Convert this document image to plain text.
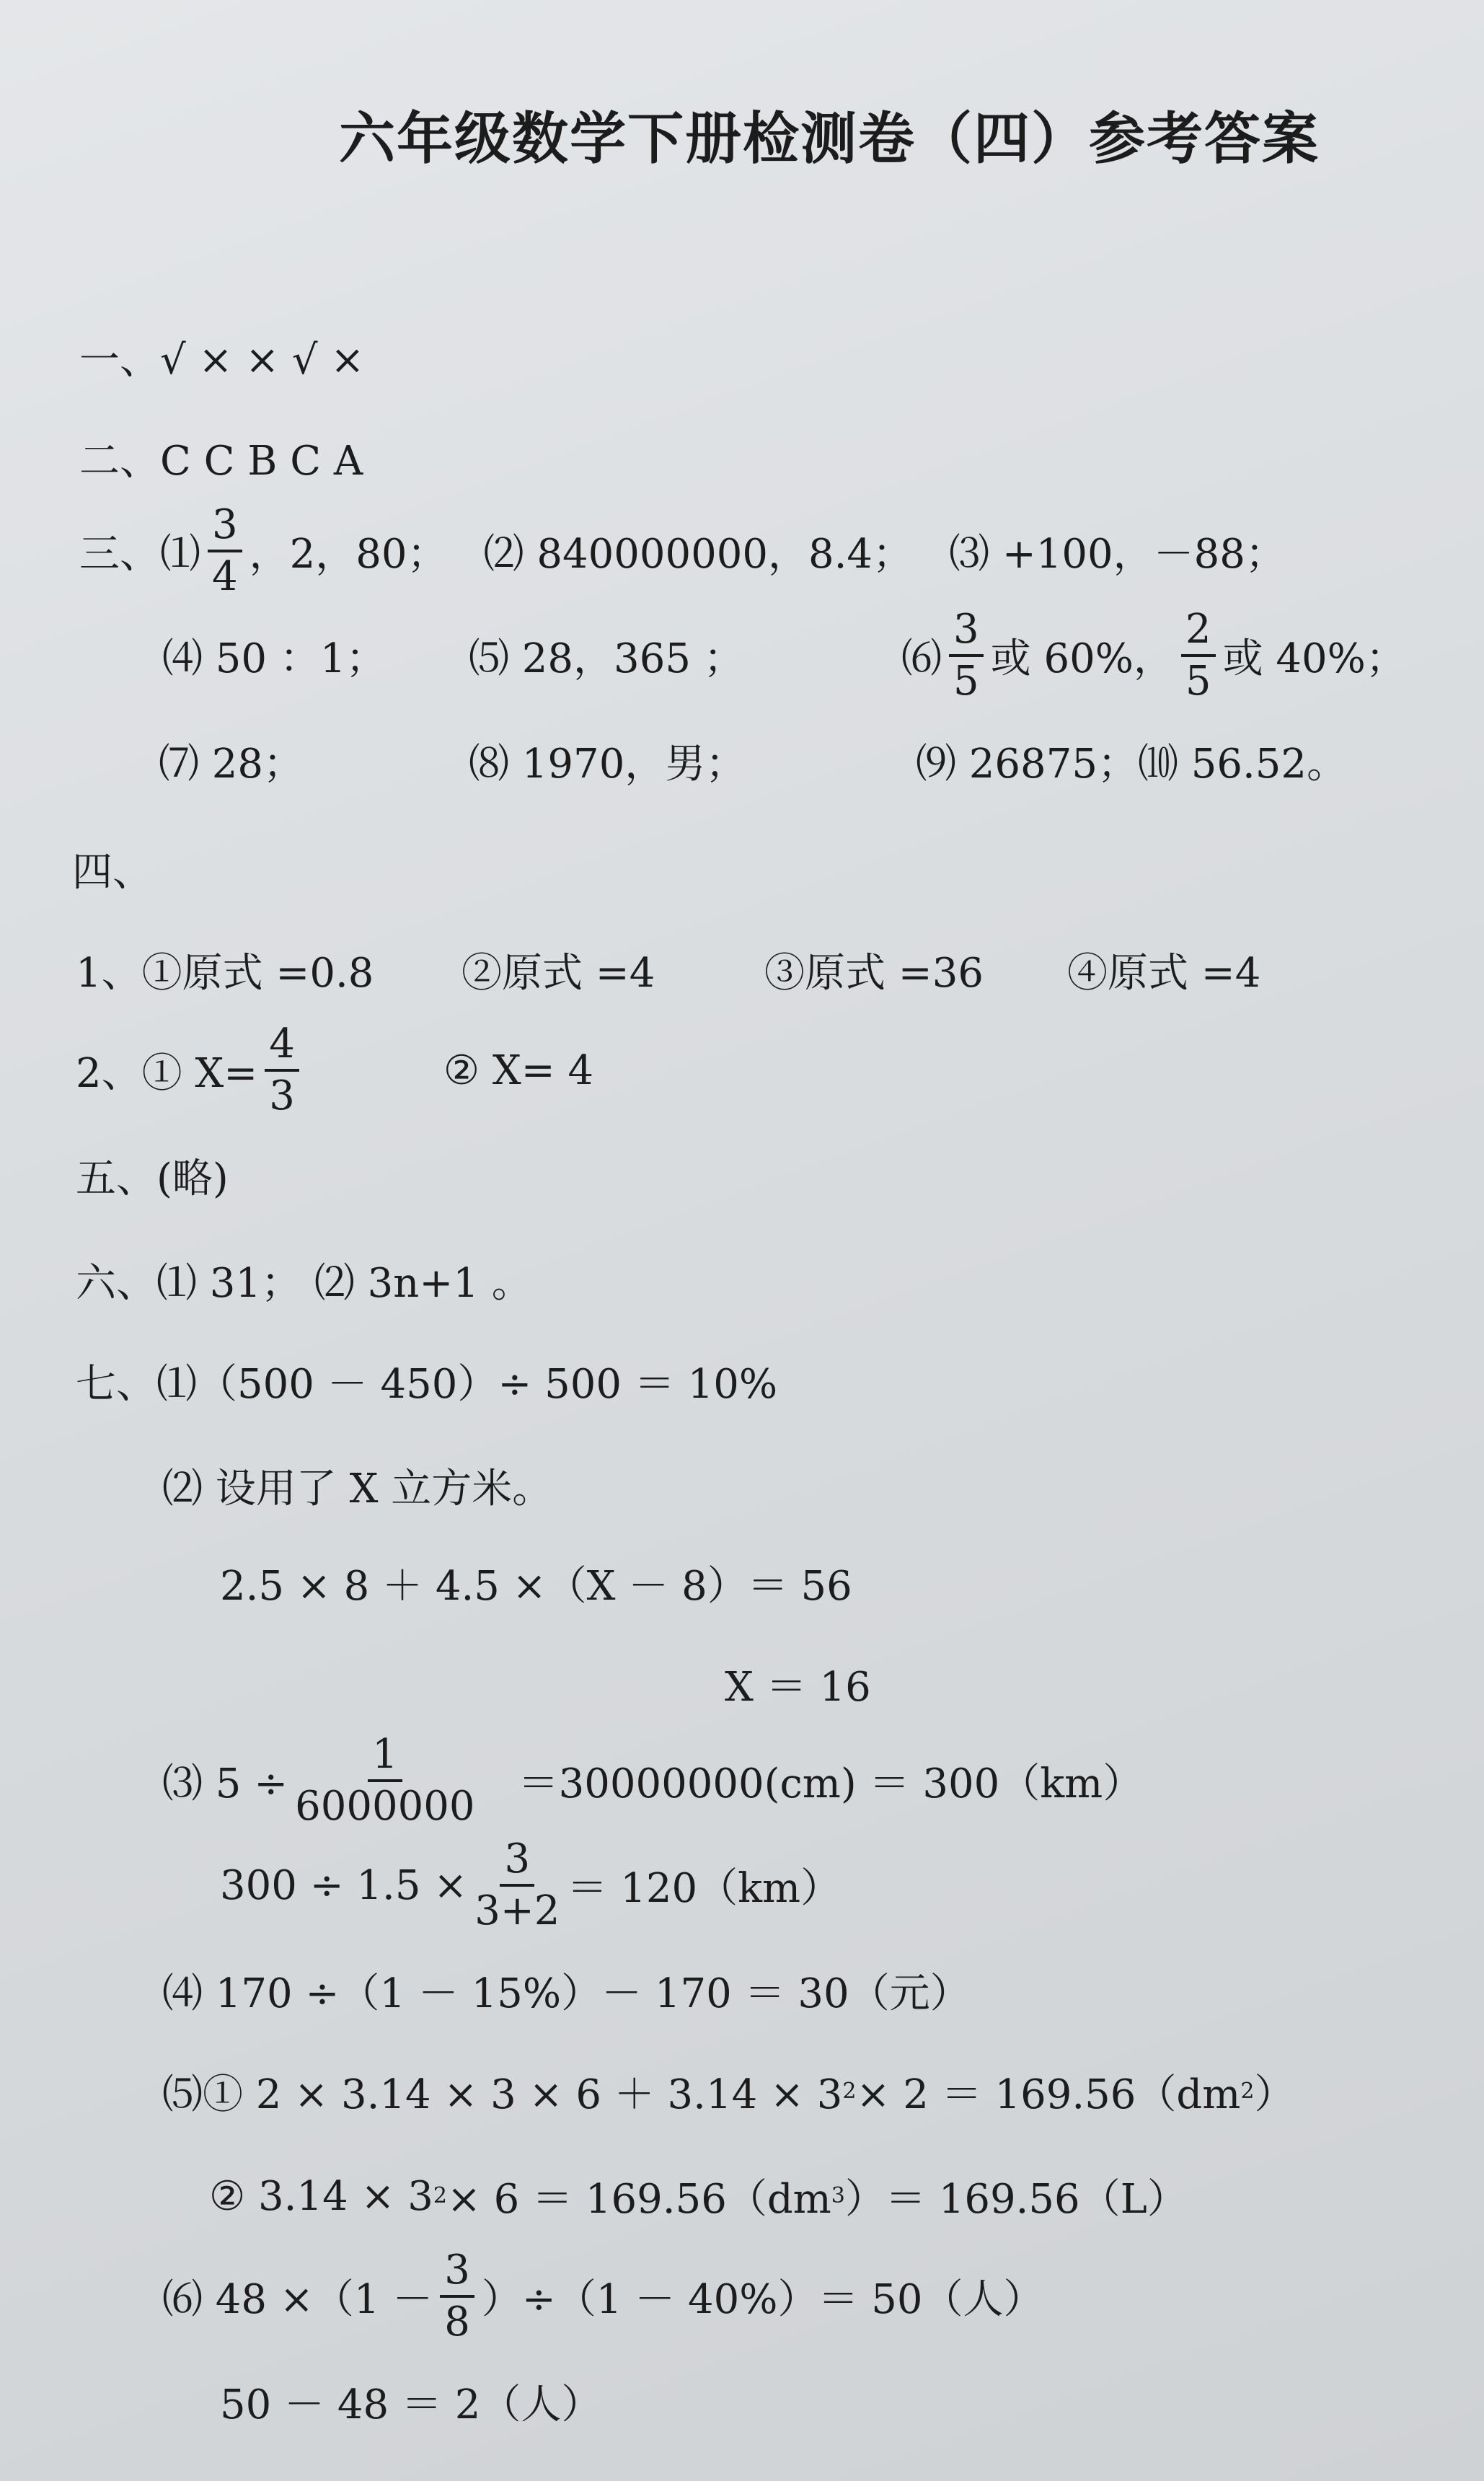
六年级数学下册检测卷（四）参考答案
一、√ × × √ ×
二、C C B C A
三、 ⑴ $\frac{3}{4}$ ，2，80； ⑵ 840000000，8.4； ⑶ +100，－88；
⑷ 50 ：1；	⑸ 28，365 ；	⑹ $\frac{3}{5}$ 或 60%， $\frac{2}{5}$ 或 40%；
⑺ 28；	⑻ 1970，男；	⑼ 26875；⑽ 56.52。
四、
1、①原式 =0.8	②原式 =4	③原式 =36	④原式 =4
2、① $X= \frac{4}{3}$	② X= 4
五、(略)
六、⑴ 31； ⑵ 3n+1 。
七、⑴（500 － 450）÷ 500 ＝ 10%
⑵ 设用了 X 立方米。
2.5 × 8 ＋ 4.5 ×（X － 8）＝ 56
X ＝ 16
⑶ $5 \div \frac{1}{6000000} =30000000(cm) = 300(km)$
$300 \div 1.5 \times \frac{3}{3+2} = 120(km)$
⑷ 170 ÷（1 － 15%）－ 170 ＝ 30（元）
⑸① 2 × 3.14 × 3 × 6 ＋ 3.14 × 3 2 × 2 ＝ 169.56（dm 2 ）
② 3.14 × 3 2 × 6 ＝ 169.56（dm 3 ）＝ 169.56（L）
⑹ $48 \times(1 - \frac{3}{8} )\div(1 - 40\%)= 50$（人）
50 － 48 ＝ 2（人）
